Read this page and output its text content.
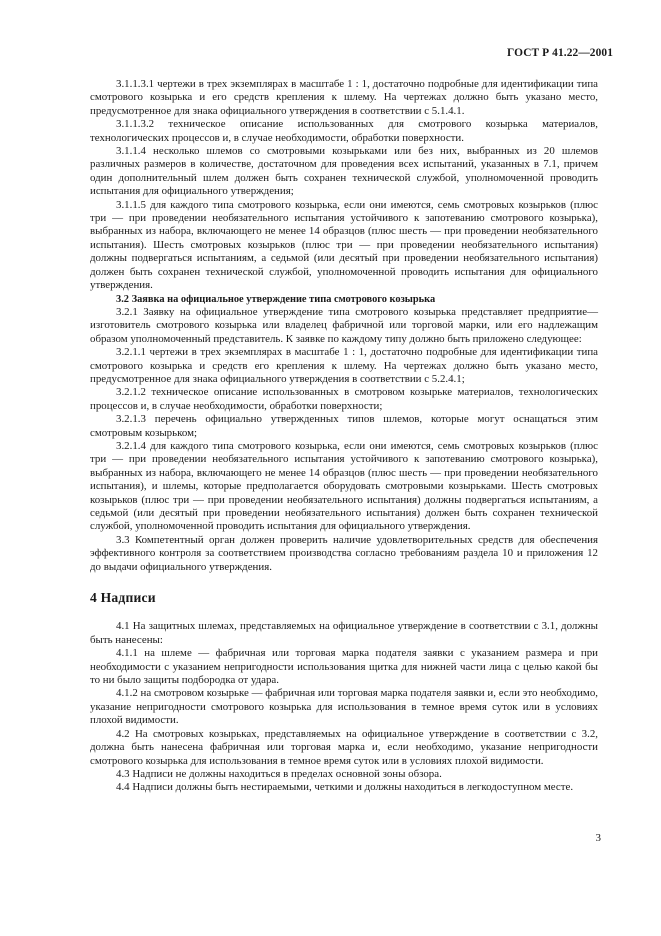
ГОСТ Р 41.22—2001

3.1.1.3.1 чертежи в трех экземплярах в масштабе 1 : 1, достаточно подробные для идентификации типа смотрового козырька и его средств крепления к шлему. На чертежах должно быть указано место, предусмотренное для знака официального утверждения в соответствии с 5.1.4.1.

3.1.1.3.2 техническое описание использованных для смотрового козырька материалов, технологических процессов и, в случае необходимости, обработки поверхности.

3.1.1.4 несколько шлемов со смотровыми козырьками или без них, выбранных из 20 шлемов различных размеров в количестве, достаточном для проведения всех испытаний, указанных в 7.1, причем один дополнительный шлем должен быть сохранен технической службой, уполномоченной проводить испытания для официального утверждения;

3.1.1.5 для каждого типа смотрового козырька, если они имеются, семь смотровых козырьков (плюс три — при проведении необязательного испытания устойчивого к запотеванию смотрового козырька), выбранных из набора, включающего не менее 14 образцов (плюс шесть — при проведении необязательного испытания). Шесть смотровых козырьков (плюс три — при проведении необязательного испытания) должны подвергаться испытаниям, а седьмой (или десятый при проведении необязательного испытания) должен быть сохранен технической службой, уполномоченной проводить испытания для официального утверждения.

3.2 Заявка на официальное утверждение типа смотрового козырька

3.2.1 Заявку на официальное утверждение типа смотрового козырька представляет предприятие—изготовитель смотрового козырька или владелец фабричной или торговой марки, или его надлежащим образом уполномоченный представитель. К заявке по каждому типу должно быть приложено следующее:

3.2.1.1 чертежи в трех экземплярах в масштабе 1 : 1, достаточно подробные для идентификации типа смотрового козырька и средств его крепления к шлему. На чертежах должно быть указано место, предусмотренное для знака официального утверждения в соответствии с 5.2.4.1;

3.2.1.2 техническое описание использованных в смотровом козырьке материалов, технологических процессов и, в случае необходимости, обработки поверхности;

3.2.1.3 перечень официально утвержденных типов шлемов, которые могут оснащаться этим смотровым козырьком;

3.2.1.4 для каждого типа смотрового козырька, если они имеются, семь смотровых козырьков (плюс три — при проведении необязательного испытания устойчивого к запотеванию смотрового козырька), выбранных из набора, включающего не менее 14 образцов (плюс шесть — при проведении необязательного испытания), и шлемы, которые предполагается оборудовать смотровыми козырьками. Шесть смотровых козырьков (плюс три — при проведении необязательного испытания) должны подвергаться испытаниям, а седьмой (или десятый при проведении необязательного испытания) должен быть сохранен технической службой, уполномоченной проводить испытания для официального утверждения.

3.3 Компетентный орган должен проверить наличие удовлетворительных средств для обеспечения эффективного контроля за соответствием производства согласно требованиям раздела 10 и приложения 12 до выдачи официального утверждения.

4 Надписи

4.1 На защитных шлемах, представляемых на официальное утверждение в соответствии с 3.1, должны быть нанесены:

4.1.1 на шлеме — фабричная или торговая марка подателя заявки с указанием размера и при необходимости с указанием непригодности использования щитка для нижней части лица с целью какой бы то ни было защиты подбородка от удара.

4.1.2 на смотровом козырьке — фабричная или торговая марка подателя заявки и, если это необходимо, указание непригодности смотрового козырька для использования в темное время суток или в условиях плохой видимости.

4.2 На смотровых козырьках, представляемых на официальное утверждение в соответствии с 3.2, должна быть нанесена фабричная или торговая марка и, если необходимо, указание непригодности смотрового козырька для использования в темное время суток или в условиях плохой видимости.

4.3 Надписи не должны находиться в пределах основной зоны обзора.

4.4 Надписи должны быть нестираемыми, четкими и должны находиться в легкодоступном месте.

3
